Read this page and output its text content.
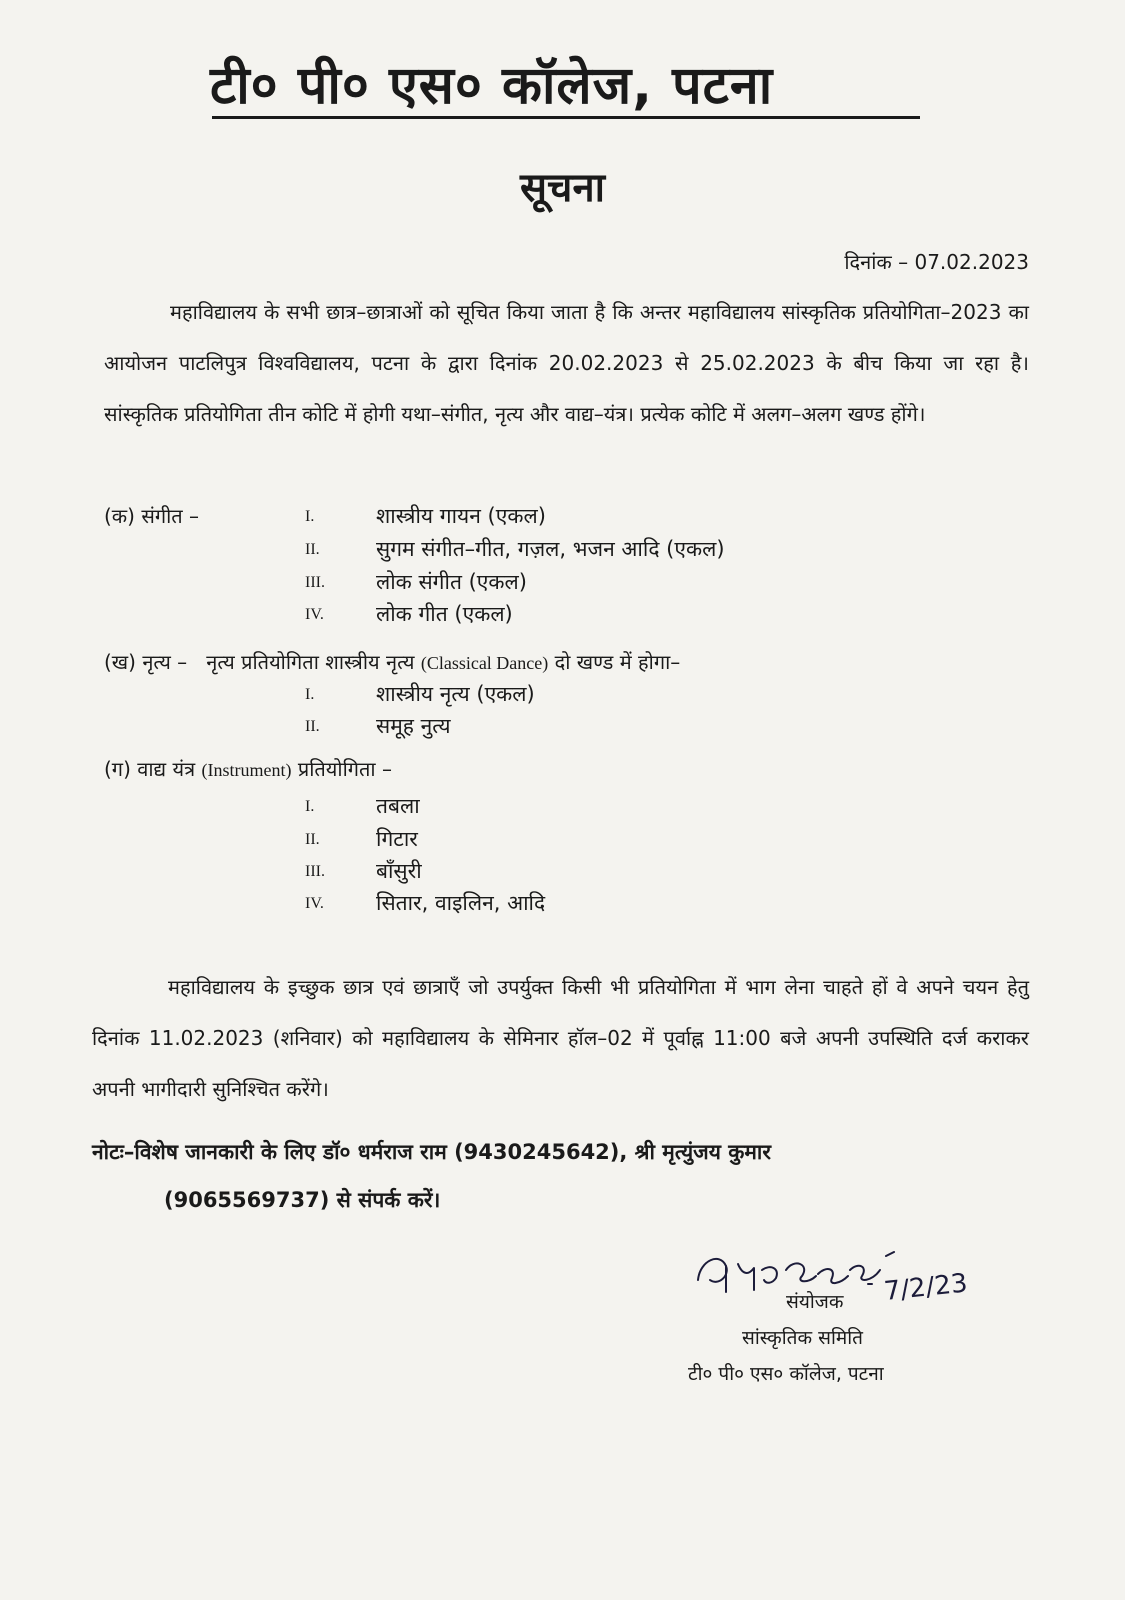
टी० पी० एस० कॉलेज, पटना
सूचना
दिनांक – 07.02.2023
महाविद्यालय के सभी छात्र–छात्राओं को सूचित किया जाता है कि अन्तर महाविद्यालय सांस्कृतिक प्रतियोगिता–2023 का आयोजन पाटलिपुत्र विश्वविद्यालय, पटना के द्वारा दिनांक 20.02.2023 से 25.02.2023 के बीच किया जा रहा है। सांस्कृतिक प्रतियोगिता तीन कोटि में होगी यथा–संगीत, नृत्य और वाद्य–यंत्र। प्रत्येक कोटि में अलग–अलग खण्ड होंगे।
(क) संगीत –	I.	शास्त्रीय गायन (एकल)
II.	सुगम संगीत–गीत, गज़ल, भजन आदि (एकल)
III. लोक संगीत (एकल)
IV. लोक गीत (एकल)
(ख) नृत्य –   नृत्य प्रतियोगिता शास्त्रीय नृत्य (Classical Dance) दो खण्ड में होगा–
I.	शास्त्रीय नृत्य (एकल)
II.	समूह नुत्य
(ग) वाद्य यंत्र (Instrument) प्रतियोगिता –
I.	तबला
II.	गिटार
III. बाँसुरी
IV. सितार, वाइलिन, आदि
महाविद्यालय के इच्छुक छात्र एवं छात्राएँ जो उपर्युक्त किसी भी प्रतियोगिता में भाग लेना चाहते हों वे अपने चयन हेतु दिनांक 11.02.2023 (शनिवार) को महाविद्यालय के सेमिनार हॉल–02 में पूर्वाह्न 11:00 बजे अपनी उपस्थिति दर्ज कराकर अपनी भागीदारी सुनिश्चित करेंगे।
नोटः–विशेष जानकारी के लिए डॉ० धर्मराज राम (9430245642), श्री मृत्युंजय कुमार
(9065569737) से संपर्क करें।
7/2/23
संयोजक
सांस्कृतिक समिति
टी० पी० एस० कॉलेज, पटना
